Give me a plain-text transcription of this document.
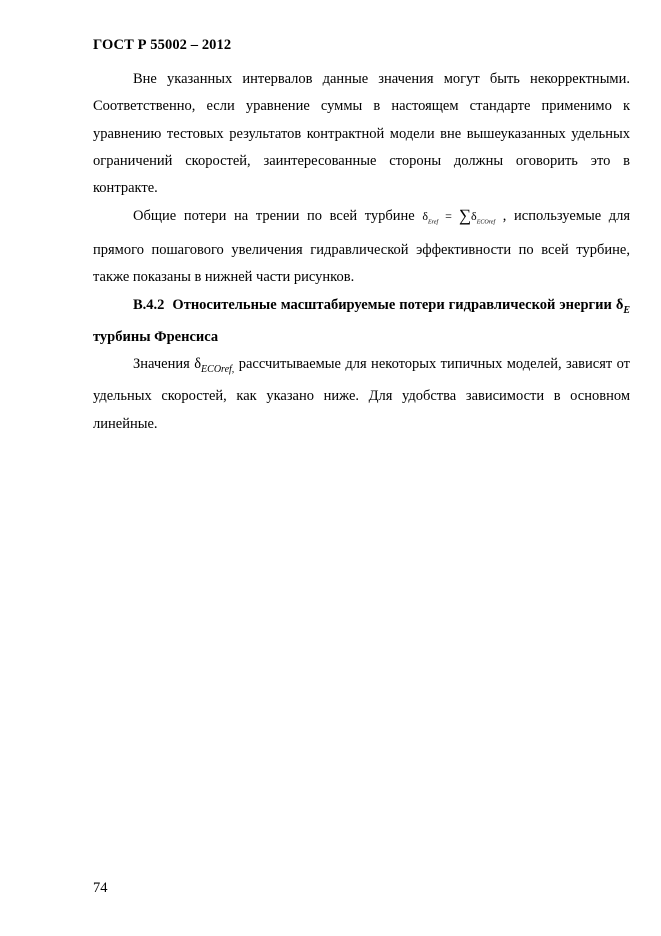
ГОСТ Р 55002 – 2012

Вне указанных интервалов данные значения могут быть некорректными. Соответственно, если уравнение суммы в настоящем стандарте применимо к уравнению тестовых результатов контрактной модели вне вышеуказанных удельных ограничений скоростей, заинтересованные стороны должны оговорить это в контракте.

Общие потери на трении по всей турбине $\delta_{Eref} = \sum\delta_{ECOref}$ , используемые для прямого пошагового увеличения гидравлической эффективности по всей турбине, также показаны в нижней части рисунков.

B.4.2 Относительные масштабируемые потери гидравлической энергии $\delta_E$ турбины Френсиса

Значения $\delta_{ECOref,}$ рассчитываемые для некоторых типичных моделей, зависят от удельных скоростей, как указано ниже. Для удобства зависимости в основном линейные.

74
